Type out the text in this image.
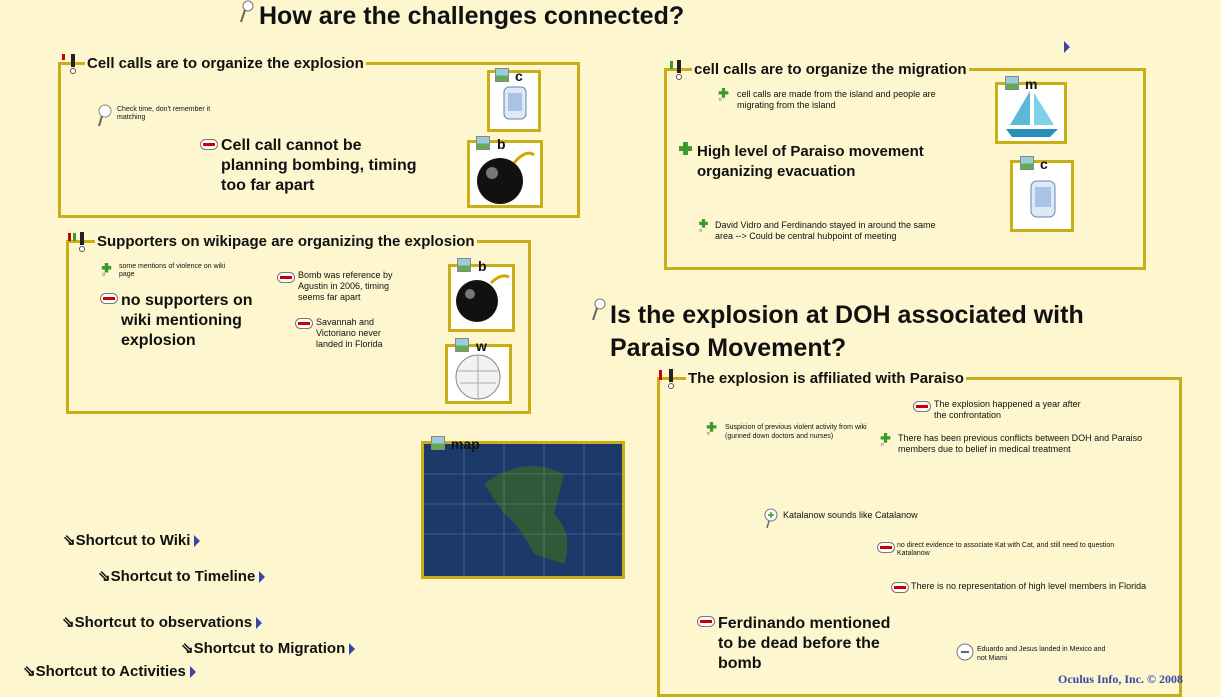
How are the challenges connected?
Cell calls are to organize the explosion
Check time, don't remember it matching
Cell call cannot be planning bombing, timing too far apart
c
b
Supporters on wikipage are organizing the explosion
some mentions of violence on wiki page
no supporters on wiki mentioning explosion
Bomb was reference by Agustin in 2006, timing seems far apart
Savannah and Victoriano never landed in Florida
b
w
cell calls are to organize the migration
cell calls are made from the island and people are migrating from the island
High level of Paraiso movement organizing evacuation
David Vidro and Ferdinando stayed in around the same area --> Could be central hubpoint of meeting
m
c
Is the explosion at DOH associated with
Paraiso Movement?
The explosion is affiliated with Paraiso
The explosion happened a year after the confrontation
Suspicion of previous violent activity from wiki (gunned down doctors and nurses)	There has been previous conflicts between DOH and Paraiso members due to belief in medical treatment
Katalanow sounds like Catalanow
no direct evidence to associate Kat with Cat, and still need to question Katalanow
There is no representation of high level members in Florida
Ferdinando mentioned to be dead before the bomb
Eduardo and Jesus landed in Mexico and not Miami
map
⇘Shortcut to Wiki
⇘Shortcut to Timeline
⇘Shortcut to observations
⇘Shortcut to Migration
⇘Shortcut to Activities	Oculus Info, Inc. © 2008
